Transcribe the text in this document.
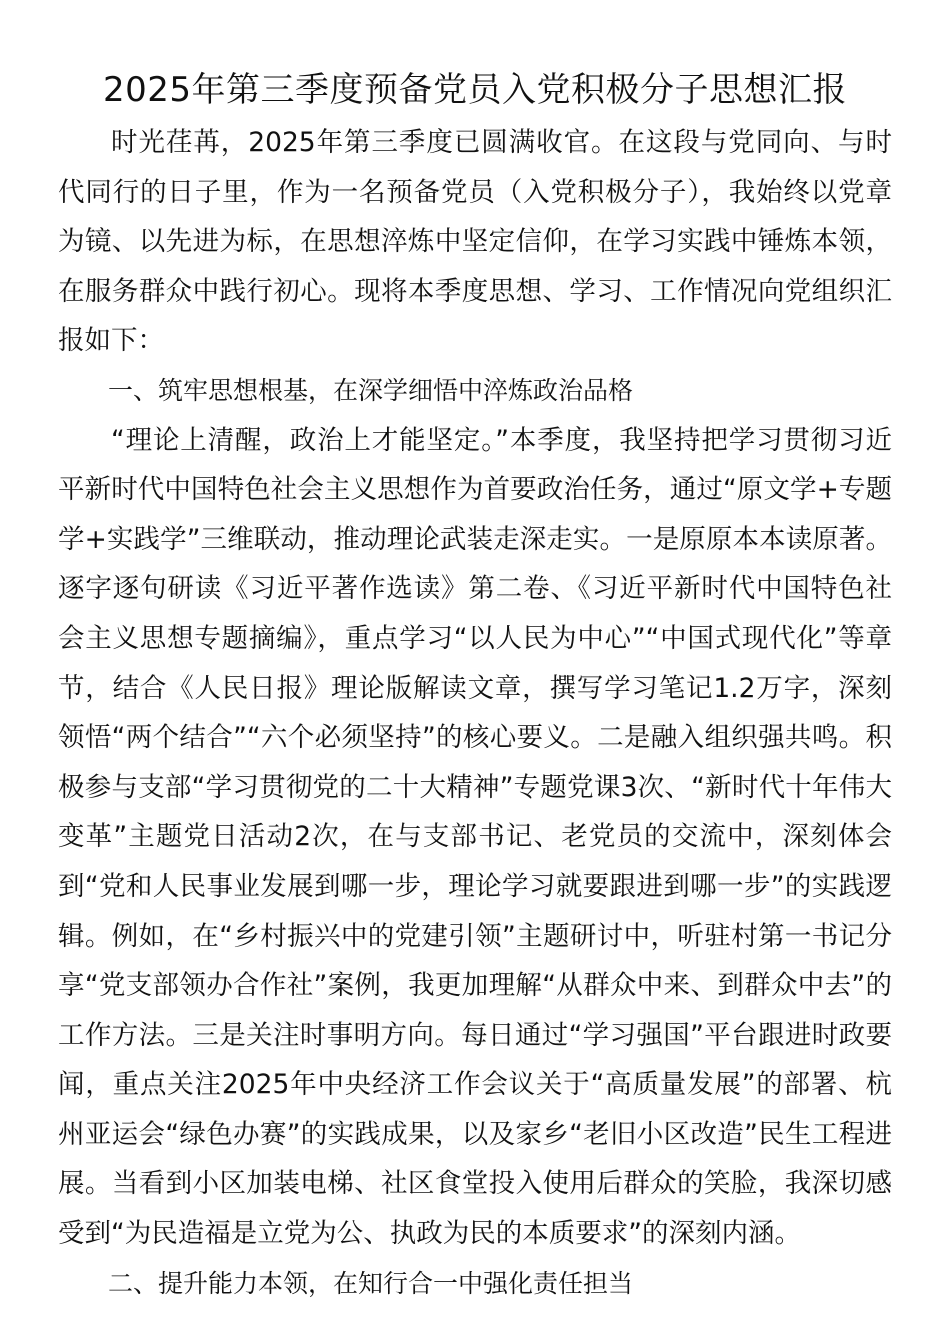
2025年第三季度预备党员入党积极分子思想汇报

时光荏苒，2025年第三季度已圆满收官。在这段与党同向、与时代同行的日子里，作为一名预备党员（入党积极分子），我始终以党章为镜、以先进为标，在思想淬炼中坚定信仰，在学习实践中锤炼本领，在服务群众中践行初心。现将本季度思想、学习、工作情况向党组织汇报如下：

一、筑牢思想根基，在深学细悟中淬炼政治品格

“理论上清醒，政治上才能坚定。”本季度，我坚持把学习贯彻习近平新时代中国特色社会主义思想作为首要政治任务，通过“原文学+专题学+实践学”三维联动，推动理论武装走深走实。一是原原本本读原著。逐字逐句研读《习近平著作选读》第二卷、《习近平新时代中国特色社会主义思想专题摘编》，重点学习“以人民为中心”“中国式现代化”等章节，结合《人民日报》理论版解读文章，撰写学习笔记1.2万字，深刻领悟“两个结合”“六个必须坚持”的核心要义。二是融入组织强共鸣。积极参与支部“学习贯彻党的二十大精神”专题党课3次、“新时代十年伟大变革”主题党日活动2次，在与支部书记、老党员的交流中，深刻体会到“党和人民事业发展到哪一步，理论学习就要跟进到哪一步”的实践逻辑。例如，在“乡村振兴中的党建引领”主题研讨中，听驻村第一书记分享“党支部领办合作社”案例，我更加理解“从群众中来、到群众中去”的工作方法。三是关注时事明方向。每日通过“学习强国”平台跟进时政要闻，重点关注2025年中央经济工作会议关于“高质量发展”的部署、杭州亚运会“绿色办赛”的实践成果，以及家乡“老旧小区改造”民生工程进展。当看到小区加装电梯、社区食堂投入使用后群众的笑脸，我深切感受到“为民造福是立党为公、执政为民的本质要求”的深刻内涵。

二、提升能力本领，在知行合一中强化责任担当
